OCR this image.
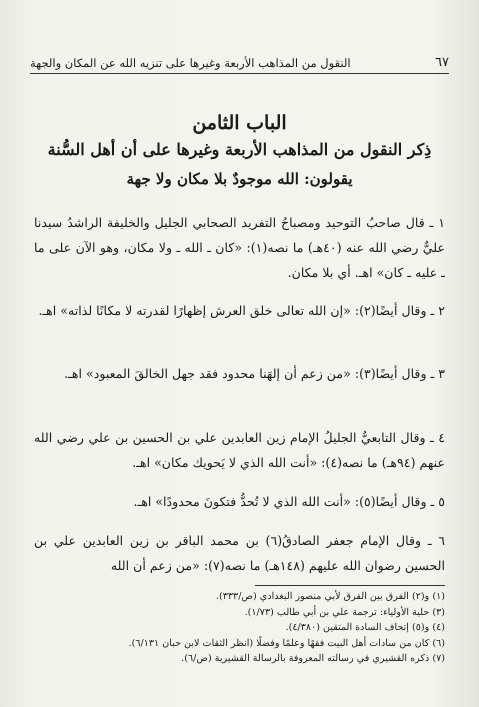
٦٧
النقول من المذاهب الأربعة وغيرها على تنزيه الله عن المكان والجهة
الباب الثامن
ذِكر النقول من المذاهب الأربعة وغيرها على أن أهل السُّنة
يقولون: الله موجودٌ بلا مكان ولا جهة
١ ـ قال صاحبُ التوحيد ومصباحُ التفريد الصحابي الجليل والخليفة الراشدُ سيدنا عليٌّ رضي الله عنه (٤٠هـ) ما نصه(١): «كان ـ الله ـ ولا مكان، وهو الآن على ما ـ عليه ـ كان» اهـ. أي بلا مكان.
٢ ـ وقال أيضًا(٢): «إن الله تعالى خلق العرش إظهارًا لقدرته لا مكانًا لذاته» اهـ.
٣ ـ وقال أيضًا(٣): «من زعم أن إلهَنا محدود فقد جهل الخالقَ المعبود» اهـ.
٤ ـ وقال التابعيُّ الجليلُ الإمام زين العابدين علي بن الحسين بن علي رضي الله عنهم (٩٤هـ) ما نصه(٤): «أنت الله الذي لا يَحويك مكان» اهـ.
٥ ـ وقال أيضًا(٥): «أنت الله الذي لا تُحدُّ فتكونَ محدودًا» اهـ.
٦ ـ وقال الإمام جعفر الصادقُ(٦) بن محمد الباقر بن زين العابدين علي بن الحسين رضوان الله عليهم (١٤٨هـ) ما نصه(٧): «من زعم أن الله
(١) و(٢) الفرق بين الفرق لأبي منصور البغدادي (ص/٣٣٣).
(٣) حلية الأولياء: ترجمة علي بن أبي طالب (١/٧٣).
(٤) و(٥) إتحاف السادة المتقين (٤/٣٨٠).
(٦) كان من سادات أهل البيت فقهًا وعلمًا وفضلًا (انظر الثقات لابن حبان ٦/١٣١).
(٧) ذكره القشيري في رسالته المعروفة بالرسالة القشيرية (ص/٦).
